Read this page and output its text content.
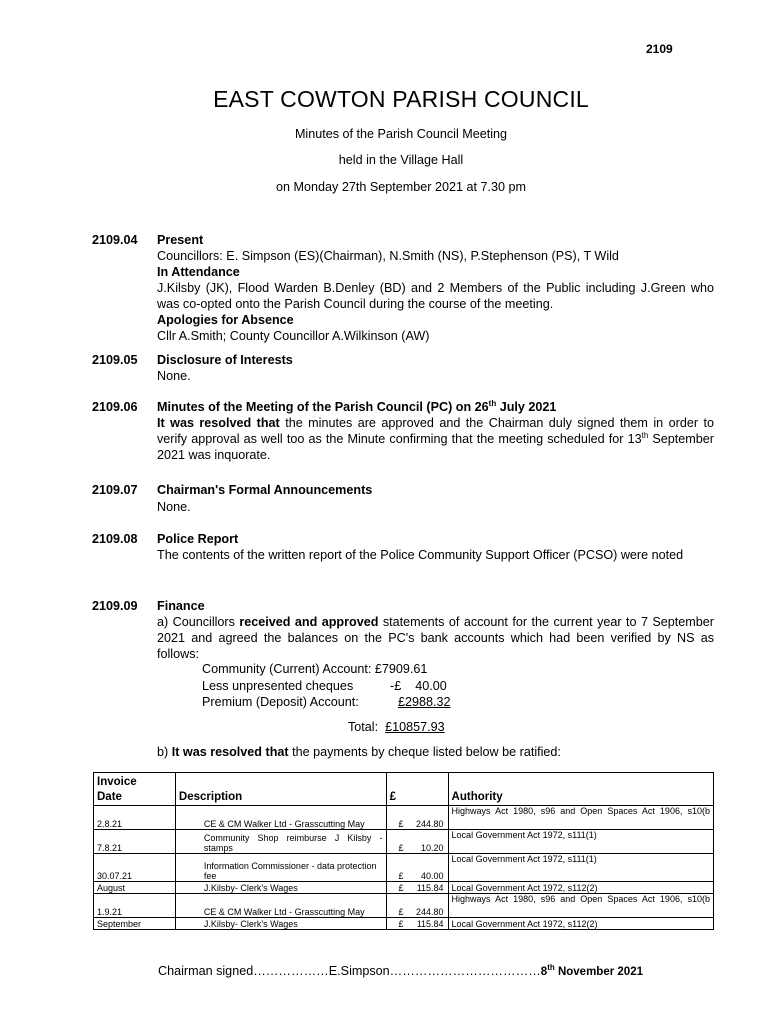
2109
EAST COWTON PARISH COUNCIL
Minutes of the Parish Council Meeting
held in the Village Hall
on Monday 27th September 2021 at 7.30 pm
2109.04	Present
Councillors: E. Simpson (ES)(Chairman), N.Smith (NS), P.Stephenson (PS), T Wild
In Attendance
J.Kilsby (JK), Flood Warden B.Denley (BD) and 2 Members of the Public including J.Green who was co-opted onto the Parish Council during the course of the meeting.
Apologies for Absence
Cllr A.Smith; County Councillor A.Wilkinson (AW)
2109.05	Disclosure of Interests
None.
2109.06	Minutes of the Meeting of the Parish Council (PC) on 26th July 2021
It was resolved that the minutes are approved and the Chairman duly signed them in order to verify approval as well too as the Minute confirming that the meeting scheduled for 13th September 2021 was inquorate.
2109.07	Chairman's Formal Announcements
None.
2109.08	Police Report
The contents of the written report of the Police Community Support Officer (PCSO) were noted
2109.09	Finance
a) Councillors received and approved statements of account for the current year to 7 September 2021 and agreed the balances on the PC's bank accounts which had been verified by NS as follows:
Community (Current) Account: £7909.61
Less unpresented cheques	-£    40.00
Premium (Deposit) Account:	£2988.32
Total: £10857.93
b) It was resolved that the payments by cheque listed below be ratified:
Invoice
Date	Description	£	Authority
2.8.21	CE & CM Walker Ltd - Grasscutting May	£ 244.80	Highways Act 1980, s96 and Open Spaces Act 1906, s10(b
7.8.21	Community Shop reimburse J Kilsby - stamps	£ 10.20	Local Government Act 1972, s111(1)
30.07.21	Information Commissioner - data protection fee	£ 40.00	Local Government Act 1972, s111(1)
August	J.Kilsby- Clerk's Wages	£ 115.84	Local Government Act 1972, s112(2)
1.9.21	CE & CM Walker Ltd - Grasscutting May	£ 244.80	Highways Act 1980, s96 and Open Spaces Act 1906, s10(b
September	J.Kilsby- Clerk's Wages	£ 115.84	Local Government Act 1972, s112(2)
Chairman signed………………E.Simpson………………………………8th November 2021
